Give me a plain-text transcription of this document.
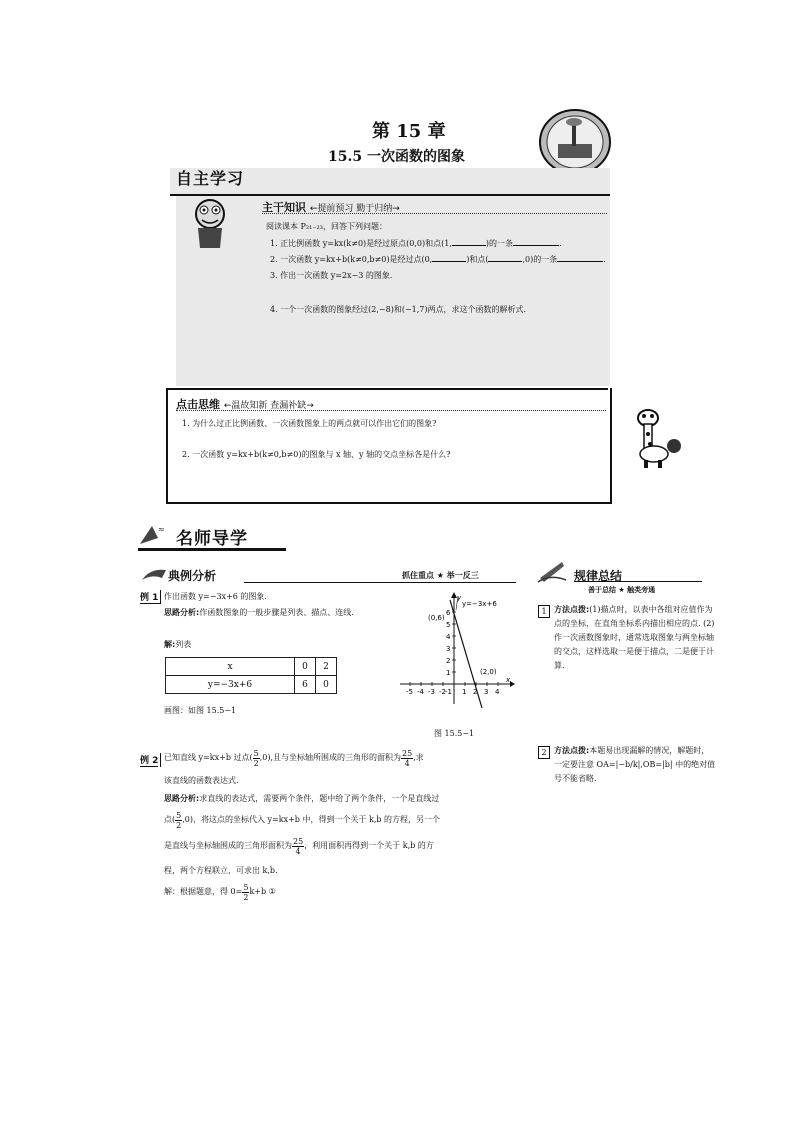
第 15 章
15.5 一次函数的图象
自主学习
主干知识 ←提前预习 勤于归纳→
阅读课本 P₂₁₋₂₃，回答下列问题：
1. 正比例函数 y=kx(k≠0)是经过原点(0,0)和点(1,	)的一条	.
2. 一次函数 y=kx+b(k≠0,b≠0)是经过点(0,	)和点(	,0)的一条	.
3. 作出一次函数 y=2x−3 的图象.
4. 一个一次函数的图象经过(2,−8)和(−1,7)两点，求这个函数的解析式.
点击思维 ←温故知新 查漏补缺→
1. 为什么过正比例函数、一次函数图象上的两点就可以作出它们的图象?
2. 一次函数 y=kx+b(k≠0,b≠0)的图象与 x 轴、y 轴的交点坐标各是什么?
≈ 名师导学
典例分析	抓住重点 ★ 举一反三	规律总结
善于总结 ★ 触类旁通
例 1 作出函数 y=−3x+6 的图象.
思路分析:作函数图象的一般步骤是列表、描点、连线.
解:列表
x	0	2
y=−3x+6	6	0
画图：如图 15.5−1
-5 -4 -3 -2 -1 1 2 3 4
6
5
4
3
2
1
x
y
(0,6)
(2,0)
y=−3x+6
图 15.5−1
例 2 已知直线 y=kx+b 过点( $\frac{5}{2} ,0$),且与坐标轴所围成的三角形的面积为 $\frac{25}{4}$ ,求
该直线的函数表达式.
思路分析:求直线的表达式，需要两个条件，题中给了两个条件，一个是直线过
点( $\frac{5}{2} ,0$)，将这点的坐标代入 y=kx+b 中，得到一个关于 k,b 的方程，另一个
是直线与坐标轴围成的三角形面积为 $\frac{25}{4}$ ，利用面积再得到一个关于 k,b 的方
程，两个方程联立，可求出 k,b.
解：根据题意，得 $0= \frac{5}{2} k+b$ ①
1 方法点拨:(1)描点时，以表中各组对应值作为点的坐标，在直角坐标系内描出相应的点. (2)作一次函数图象时，通常选取图象与两坐标轴的交点，这样选取一是便于描点，二是便于计算.
2 方法点拨:本题易出现漏解的情况，解题时，一定要注意 OA=|−b/k|,OB=|b| 中的绝对值号不能省略.
